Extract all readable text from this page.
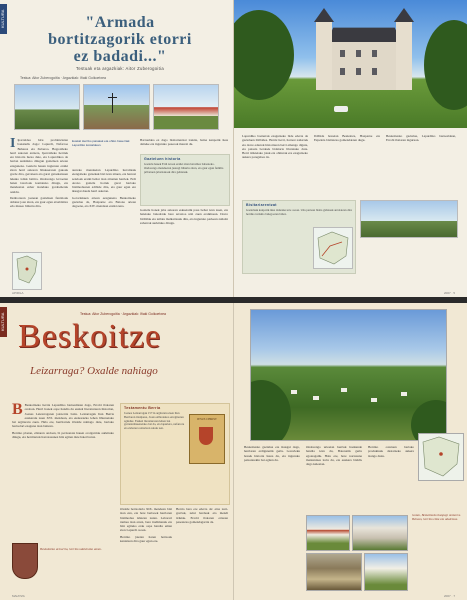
KULTURA	"Armada bortitzagorik etorri ez badadi..."
Testuak eta argazkiak: Aitor Zuberogoitia
Testua: Aitor Zuberogoitia · Argazkiak: Iñaki Goikoetxea

I Iparraldea hiru probintziatan banaturik dago: Lapurdi, Nafarroa Beherea eta Zuberoa. Hegoaldeko herri askoren antzera, Iparraldeko herriek ere historia luzea dute, eta Lapurdikoa da bertan aurkituko ditugun gazteluen artean ezagunena. Gaztelu hauen inguruan eraiki ziren herri askoren bilakaeraren gakoak gorde dira, gerrateen eta garai gatazkatsuen lekuko isilak baitira. Ondorengo lerroetan haien istorioak kontatuko ditugu, eta mendeetan zehar izandako gorabeherak azaldu.

Denboraren joanean gazteluen funtzioak aldatuz joan ziren, eta gaur egun etxebizitza edo museo bihurtu dira.

Euskal Herriko paisaiak eta ohiko baserriak Lapurdiko kostaldean.

aurreko mendeetan Lapurdiko lurraldeak etengabeko gatazkak bizi izan zituen, eta harresi sendoak eraiki behar izan zituzten herriek. Erdi Aroko gaztelu horiek garai hartako bizimoduaren adibide dira, eta gaur egun ere ikusgai daude herri askotan.

Gotorlekuen artean ezagunena Beskoitzeko gaztelua da, Hazparne eta Baiona artean dagoena, eta XIV. mendean eraiki zena.

Gazteluen historia
Gaztelu hauek Erdi Aroan eraiki ziren lurraldea babesteko. Ondorengo mendeetan jauregi bihurtu ziren, eta gaur egun familia pribatuen jabetzakoak dira gehienak.

Barrualdea ez dago bisitarientzat irekita, baina kanpotik ikus daiteke eta inguruko paseoak merezi du.

Gaztelu honek jabe askoren eskuetatik pasa behar izan zuen, eta haietako bakoitzak bere arrastoa utzi zuen eraikinean. Dorre biribilak eta teilatu malkartsuak ditu, eta inguruko parkean zuhaitz zaharrak aurkituko ditugu.

APIRILA

Lapurdiko bazterrak ezagutzeko bide ederra da gazteluen ibilbidea. Herriz herri, harresi zaharrek eta dorre ederrek historiaren berri emango digute, eta paisaia berdeek bidaiaria liluratuko dute. Herri txikietako jaiak eta ohiturak ere ezagutzeko aukera paregabea da.

Ibilbide honetan Beskoitze, Hazparne eta Ezpeleta bisitatzea gomendatzen dugu.

Beskoitzeko gaztelua, Lapurdiko barnealdean, Errobi ibaiaren inguruan.

Bisitariarentzat
Gazteluak kanpotik ikus daitezke urte osoan. Uda partean bisita gidatuak antolatzen dira herriko turismo bulegoaren bidez.
2007 · 5
KULTURA	Testua: Aitor Zuberogoitia · Argazkiak: Iñaki Goikoetxea
Beskoitze
Leizarraga? Oxalde nahiago

B Beskoitzeko herria Lapurdiko barnealdean dago, Errobi ibaiaren ondoan. Herri honek ospe handia du euskal literaturaren historian, Joanes Leizarragaren jaioterria baita. Leizarragak Itun Berria euskaratu zuen XVI. mendean, eta euskarazko lehen liburuetako bat argitaratu zuen. Hala ere, herritarrek Oxalde nahiago dute, bertako bertsolari ezaguna izan baitzen.

Herriko plazan, elizaren ondoan, bi pertsonaia hauen oroigarriak aurkituko ditugu, eta herritarrek harrotasunez hitz egiten dute haiei buruz.

Testamentu Berria
Joanes Leizarragak 1571n argitaratu zuen Itun Berriaren itzulpena, Joana Albretekoa erreginaren aginduz. Euskal literaturaren lehen lan garrantzitsuenetako bat da, eta lapurtera, nafarrera eta zuberera uztartzen saiatu zen.
IESUS CHRIST
Beskoitzeko armarria, herriko udaletxeko atean.

Oxalde bertsolaria XIX. mendean bizi izan zen, eta bere bertsoek herriaren bizimodua islatzen zuten. Laborari xumea izan arren, bere irudimenak eta hitz egiteko erak ospe handia eman zion Lapurdi osoan.

Herriko jaietan haren bertsoak kantatzen dira gaur egun ere.

Herria bera ere ederra da: etxe zuri-gorriak, zelai berdeak eta mendi txikiak. Errobi ibaiaren ertzean paseatzea gomendagarria da.

MAIATZA

Beskoitzeko gaztelua ere ikusgai dago, herriaren erdigunetik gertu. Gotorleku honek historia luzea du, eta inguruko paisaiarekin bat egiten du.

Ondorengo urteetan herriak hazkunde handia izan du, Baionatik gertu egoteagatik. Hala ere, bere nortasuna mantentzea lortu du, eta euskara bizirik dago kaleetan.

Herriko ostatuan bertako produktuak dastatzeko aukera izango duzu.

Goian, Beskoitzeko ikuspegi orokorra. Behean, herriko eliza eta udaletxea.
2007 · 7
